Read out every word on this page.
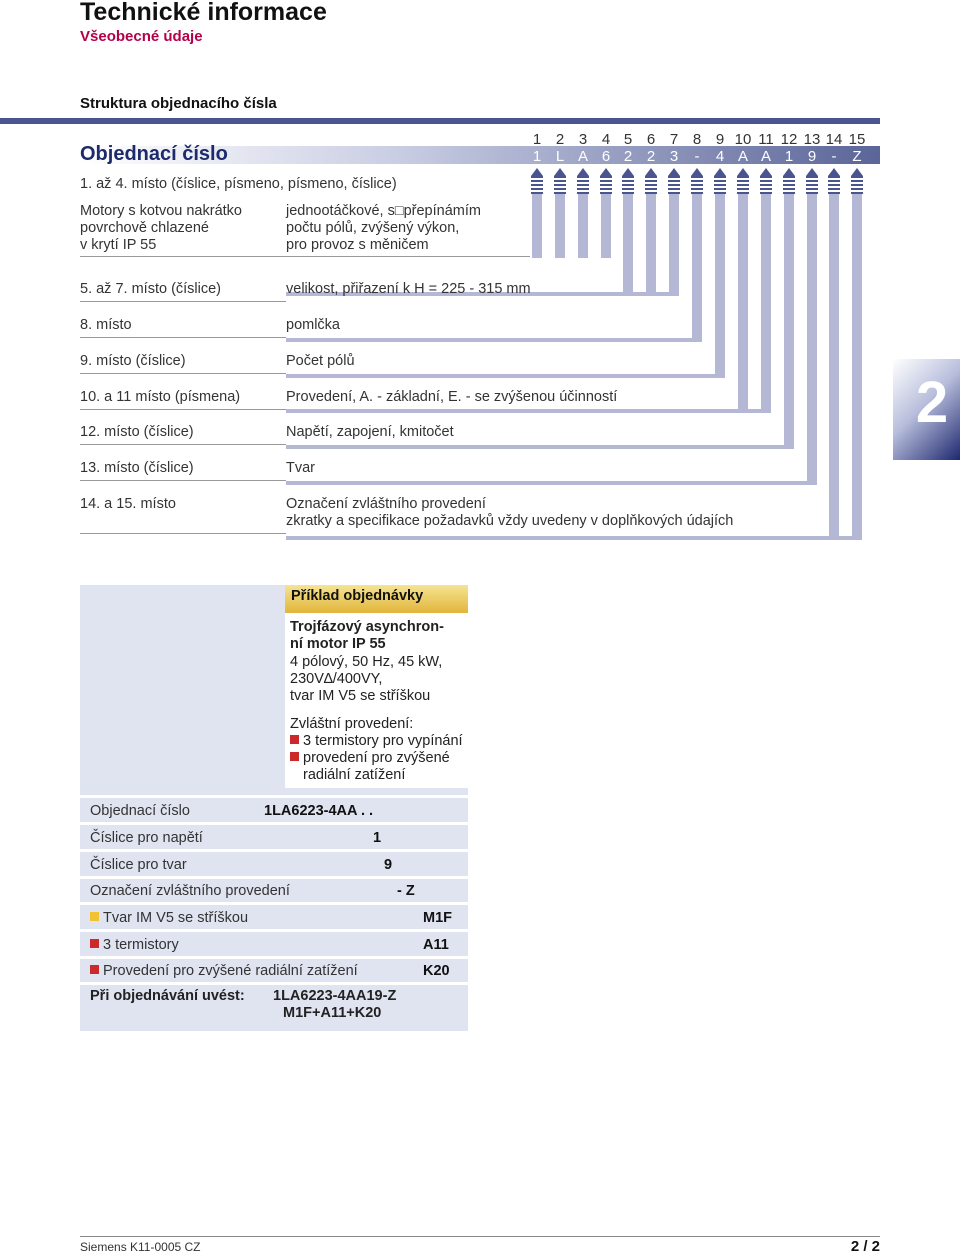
Technické informace
Všeobecné údaje
Struktura objednacího čísla
Objednací číslo
1 2 3 4 5 6 7 8 9 10 11 12 13 14 15
1 L A 6 2 2 3	-	4 A A 1 9	-	Z
1. až 4. místo (číslice, písmeno, písmeno, číslice)
Motory s kotvou nakrátko
povrchově chlazené
v krytí IP 55
jednootáčkové, s□přepínámím
počtu pólů, zvýšený výkon,
pro provoz s měničem
5. až 7. místo (číslice)	velikost, přiřazení k H = 225 - 315 mm
8. místo	pomlčka
9. místo (číslice)	Počet pólů
10. a 11 místo (písmena)	Provedení, A. - základní, E. - se zvýšenou účinností
12. místo (číslice)	Napětí, zapojení, kmitočet
13. místo (číslice)	Tvar
14. a 15. místo	Označení zvláštního provedení
zkratky a specifikace požadavků vždy uvedeny v doplňkových údajích
2
Příklad objednávky
Trojfázový asynchron-
ní motor IP 55
4 pólový, 50 Hz, 45 kW,
230V∆/400VY,
tvar IM V5 se stříškou
Zvláštní provedení:
3 termistory pro vypínání
provedení pro zvýšené
radiální zatížení
Objednací číslo	1LA6223-4AA . .
Číslice pro napětí	1
Číslice pro tvar	9
Označení zvláštního provedení	- Z
Tvar IM V5 se stříškou	M1F
3 termistory	A11
Provedení pro zvýšené radiální zatížení	K20
Při objednávání uvést: 1LA6223-4AA19-Z
M1F+A11+K20
Siemens K11-0005 CZ	2 / 2
